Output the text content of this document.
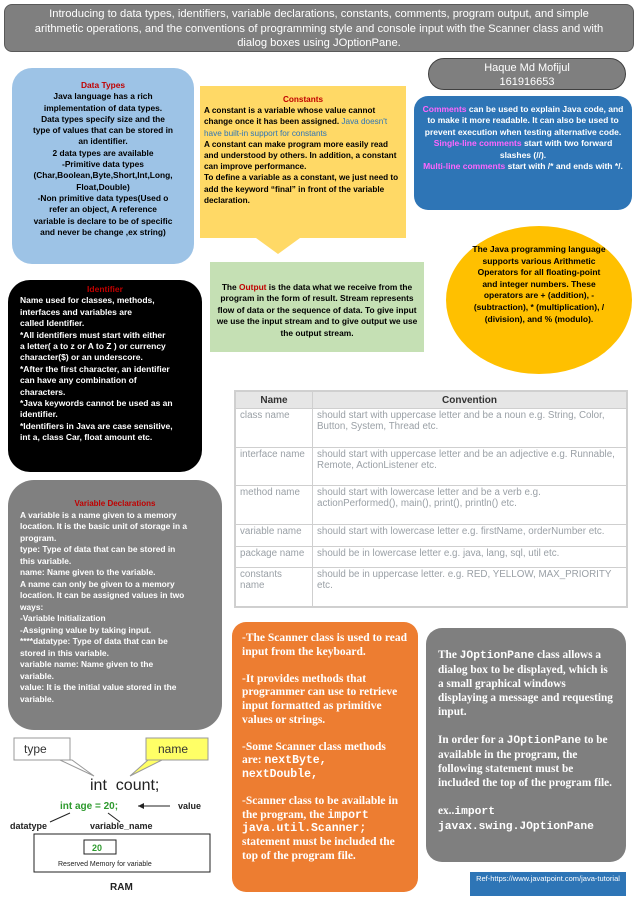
Introducing to data types, identifiers, variable declarations, constants, comments, program output, and simple
arithmetic operations, and the conventions of programming style and console input with the Scanner class and with
dialog boxes using JOptionPane.
Haque Md Mofijul
161916653
Data Types
Java language has a rich
implementation of data types.
Data types specify size and the
type of values that can be stored in
an identifier.
2 data types are available
-Primitive data types
(Char,Boolean,Byte,Short,Int,Long,
Float,Double)
-Non primitive data types(Used o
refer an object, A reference
variable is declare to be of specific
and never be change ,ex string)
Constants
A constant is a variable whose value cannot change once it has been assigned. Java doesn't have built-in support for constants
A constant can make program more easily read and understood by others. In addition, a constant can improve performance.
To define a variable as a constant, we just need to add the keyword “final” in front of the variable declaration.
Comments can be used to explain Java code, and to make it more readable. It can also be used to prevent execution when testing alternative code.
Single-line comments start with two forward slashes (//).
Multi-line comments start with /* and ends with */.
Identifier
Name used for classes, methods,
interfaces and variables are
called Identifier.
*All identifiers must start with either
a letter( a to z or A to Z ) or currency
character($) or an underscore.
*After the first character, an identifier
can have any combination of
characters.
*Java keywords cannot be used as an
identifier.
*Identifiers in Java are case sensitive,
int a, class Car, float amount etc.
The Output is the data what we receive from the program in the form of result. Stream represents flow of data or the sequence of data. To give input we use the input stream and to give output we use the output stream.
The Java programming language supports various Arithmetic Operators for all floating-point and integer numbers. These operators are + (addition), - (subtraction), * (multiplication), / (division), and % (modulo).
Name	Convention
class name	should start with uppercase letter and be a noun e.g. String, Color, Button, System, Thread etc.
interface name	should start with uppercase letter and be an adjective e.g. Runnable, Remote, ActionListener etc.
method name	should start with lowercase letter and be a verb e.g. actionPerformed(), main(), print(), println() etc.
variable name	should start with lowercase letter e.g. firstName, orderNumber etc.
package name	should be in lowercase letter e.g. java, lang, sql, util etc.
constants name	should be in uppercase letter. e.g. RED, YELLOW, MAX_PRIORITY etc.
Variable Declarations
A variable is a name given to a memory
location. It is the basic unit of storage in a
program.
type: Type of data that can be stored in
this variable.
name: Name given to the variable.
A name can only be given to a memory
location. It can be assigned values in two
ways:
-Variable Initialization
-Assigning value by taking input.
****datatype: Type of data that can be
stored in this variable.
variable name: Name given to the
variable.
value: It is the initial value stored in the
variable.
type	name
int  count;
int age = 20;	value
datatype	variable_name
20
Reserved Memory for variable
RAM
-The Scanner class is used to read input from the keyboard.

-It provides methods that programmer can use to retrieve input formatted as primitive values or strings.

-Some Scanner class methods are: nextByte, nextDouble,

-Scanner class to be available in the program, the import java.util.Scanner; statement must be included the top of the program file.
The JOptionPane class allows a dialog box to be displayed, which is a small graphical windows displaying a message and requesting input.

In order for a JOptionPane to be available in the program, the following statement must be included the top of the program file.

ex..import javax.swing.JOptionPane
Ref-https://www.javatpoint.com/java-tutorial
